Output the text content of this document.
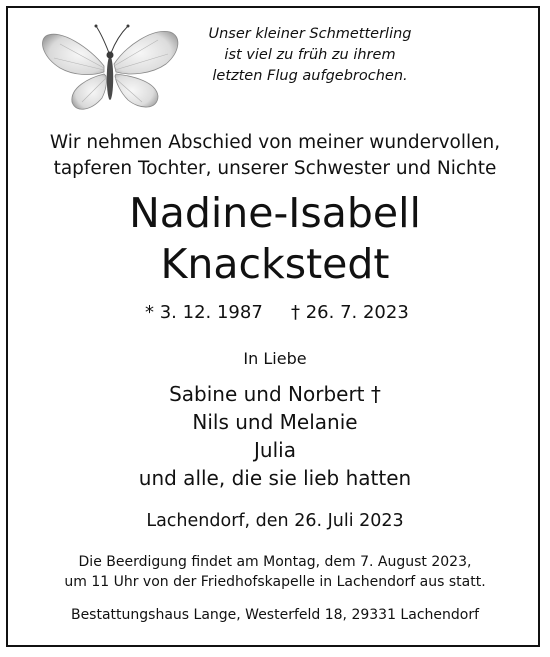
Unser kleiner Schmetterling
ist viel zu früh zu ihrem
letzten Flug aufgebrochen.
Wir nehmen Abschied von meiner wundervollen,
tapferen Tochter, unserer Schwester und Nichte
Nadine-Isabell
Knackstedt
* 3. 12. 1987 † 26. 7. 2023
In Liebe
Sabine und Norbert †
Nils und Melanie
Julia
und alle, die sie lieb hatten
Lachendorf, den 26. Juli 2023
Die Beerdigung findet am Montag, dem 7. August 2023,
um 11 Uhr von der Friedhofskapelle in Lachendorf aus statt.
Bestattungshaus Lange, Westerfeld 18, 29331 Lachendorf
